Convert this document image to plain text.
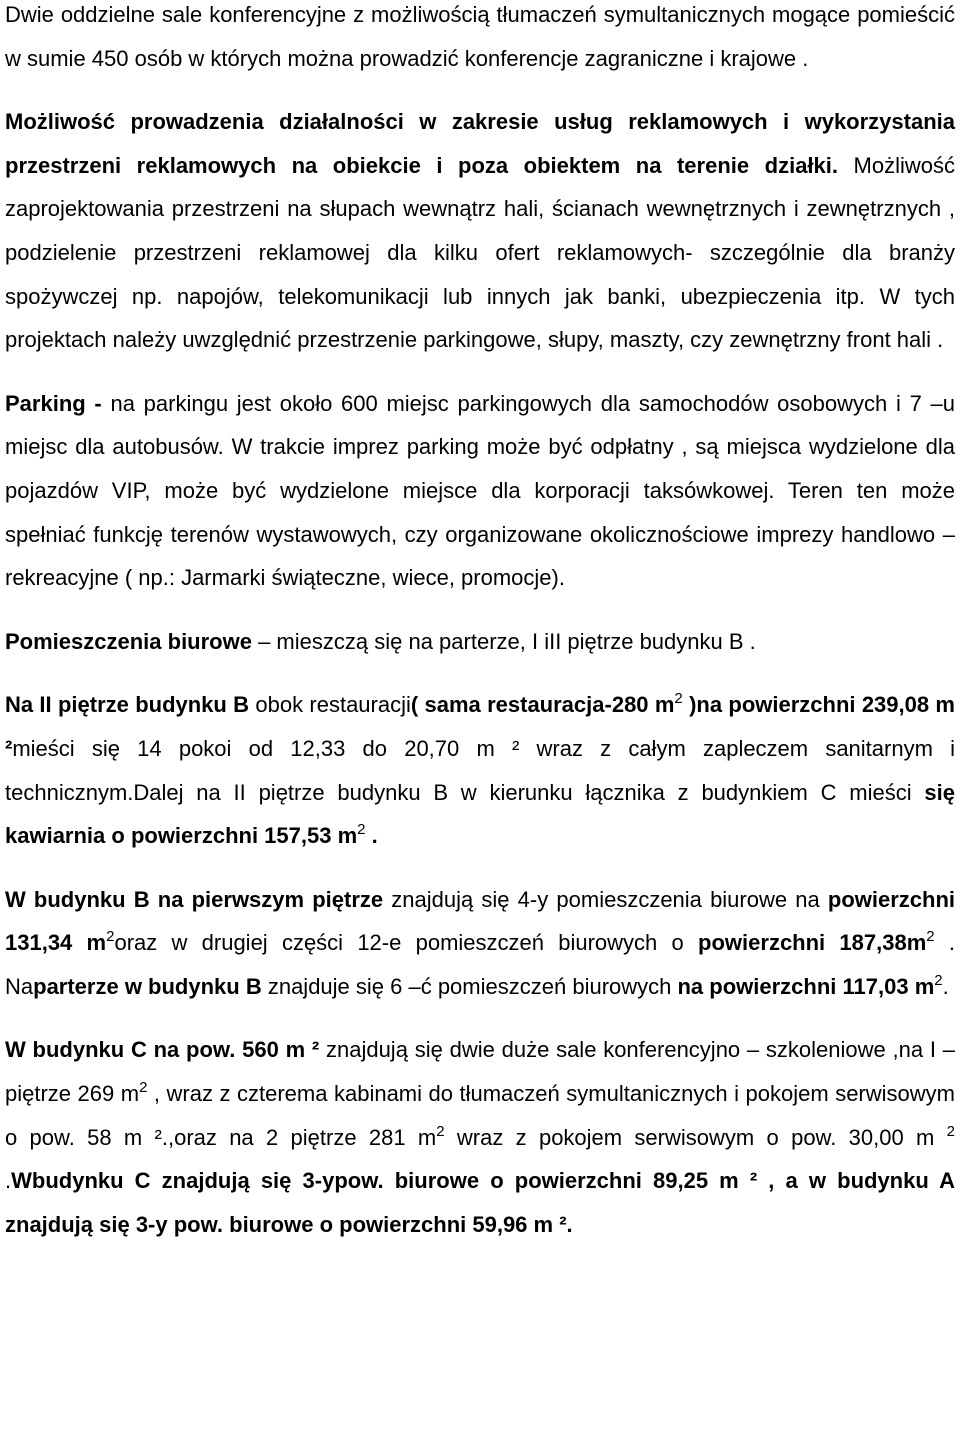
Dwie oddzielne sale konferencyjne z możliwością tłumaczeń symultanicznych mogące pomieścić w sumie 450 osób w których można prowadzić konferencje zagraniczne i krajowe .

Możliwość prowadzenia działalności w zakresie usług reklamowych i wykorzystania przestrzeni reklamowych na obiekcie i poza obiektem na terenie działki. Możliwość zaprojektowania przestrzeni na słupach wewnątrz hali, ścianach wewnętrznych i zewnętrznych , podzielenie przestrzeni reklamowej dla kilku ofert reklamowych- szczególnie dla branży spożywczej np. napojów, telekomunikacji lub innych jak banki, ubezpieczenia itp. W tych projektach należy uwzględnić przestrzenie parkingowe, słupy, maszty, czy zewnętrzny front hali .

Parking - na parkingu jest około 600 miejsc parkingowych dla samochodów osobowych i 7 –u miejsc dla autobusów. W trakcie imprez parking może być odpłatny , są miejsca wydzielone dla pojazdów VIP, może być wydzielone miejsce dla korporacji taksówkowej. Teren ten może spełniać funkcję terenów wystawowych, czy organizowane okolicznościowe imprezy handlowo – rekreacyjne ( np.: Jarmarki świąteczne, wiece, promocje).

Pomieszczenia biurowe – mieszczą się na parterze, I iII piętrze budynku B .

Na II piętrze budynku B obok restauracji( sama restauracja-280 $m^2$ )na powierzchni 239,08 m ²mieści się 14 pokoi od 12,33 do 20,70 m ² wraz z całym zapleczem sanitarnym i technicznym.Dalej na II piętrze budynku B w kierunku łącznika z budynkiem C mieści się kawiarnia o powierzchni 157,53 $m^2$ .

W budynku B na pierwszym piętrze znajdują się 4-y pomieszczenia biurowe na powierzchni 131,34 $m^2oraz$ w drugiej części 12-e pomieszczeń biurowych o powierzchni $187,38m^2$ . Naparterze w budynku B znajduje się 6 –ć pomieszczeń biurowych na powierzchni 117,03 $m^2$.

W budynku C na pow. 560 m ² znajdują się dwie duże sale konferencyjno – szkoleniowe ,na I – piętrze 269 $m^2$ , wraz z czterema kabinami do tłumaczeń symultanicznych i pokojem serwisowym o pow. 58 m ².,oraz na 2 piętrze 281 $m^2$ wraz z pokojem serwisowym o pow. 30,00 m $^2$ .Wbudynku C znajdują się 3-ypow. biurowe o powierzchni 89,25 m ² , a w budynku A znajdują się 3-y pow. biurowe o powierzchni 59,96 m ².
